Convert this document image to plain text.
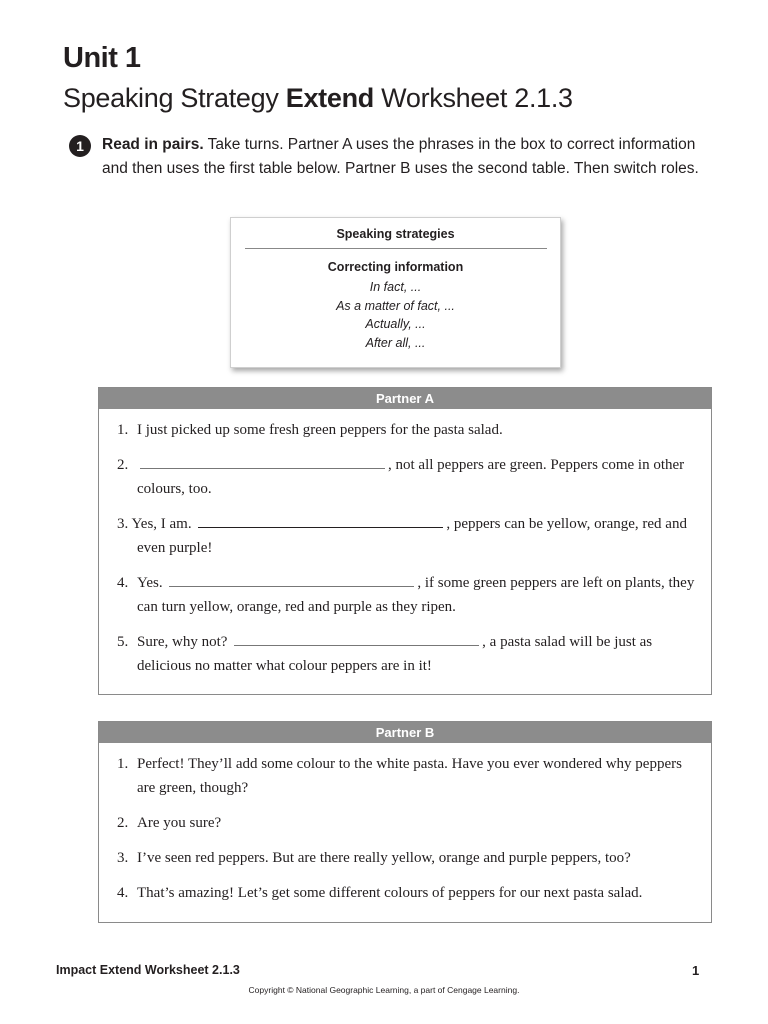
Unit 1
Speaking Strategy Extend Worksheet 2.1.3
1	Read in pairs. Take turns. Partner A uses the phrases in the box to correct information and then uses the first table below. Partner B uses the second table. Then switch roles.
Speaking strategies
Correcting information
In fact, ...
As a matter of fact, ...
Actually, ...
After all, ...
Partner A
1. I just picked up some fresh green peppers for the pasta salad.
2.	, not all peppers are green. Peppers come in other colours, too.
3. Yes, I am.	, peppers can be yellow, orange, red and even purple!
4. Yes.	, if some green peppers are left on plants, they can turn yellow, orange, red and purple as they ripen.
5. Sure, why not?	, a pasta salad will be just as delicious no matter what colour peppers are in it!
Partner B
1. Perfect! They’ll add some colour to the white pasta. Have you ever wondered why peppers are green, though?
2. Are you sure?
3. I’ve seen red peppers. But are there really yellow, orange and purple peppers, too?
4. That’s amazing! Let’s get some different colours of peppers for our next pasta salad.
Impact Extend Worksheet 2.1.3	1
Copyright © National Geographic Learning, a part of Cengage Learning.
